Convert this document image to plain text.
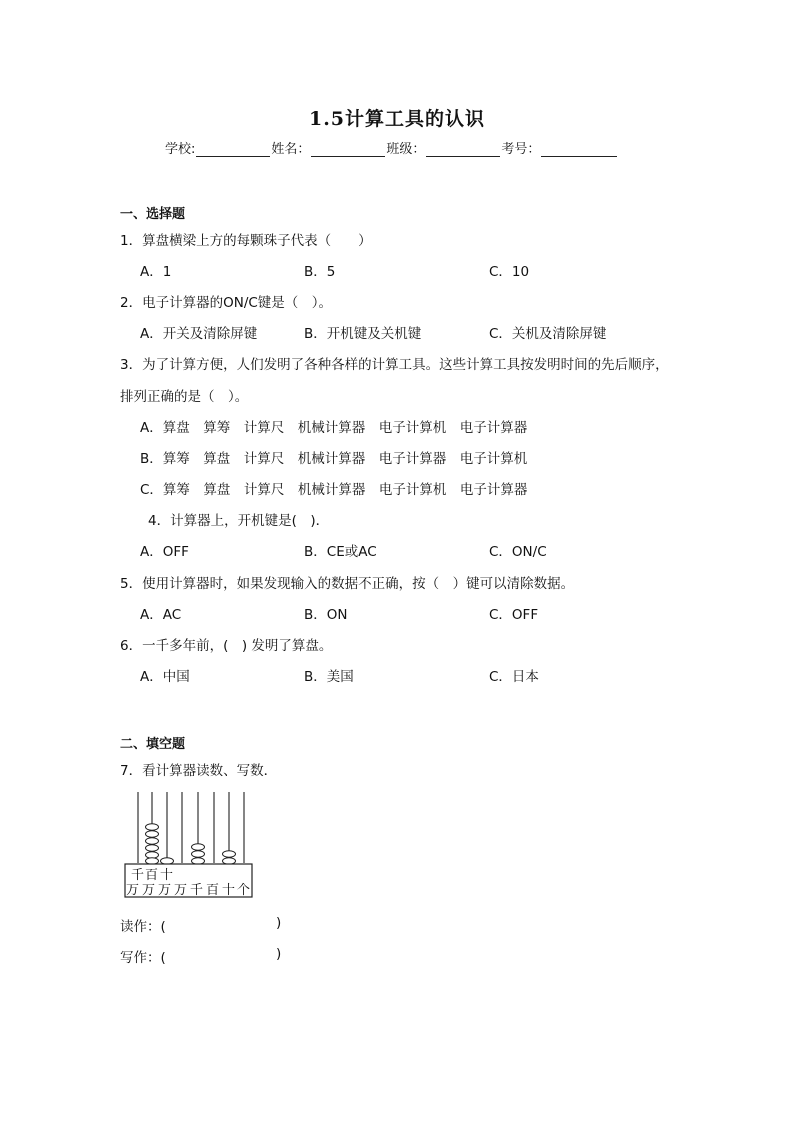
1.5计算工具的认识
学校:	姓名：	班级：	考号：
一、选择题
1．算盘横梁上方的每颗珠子代表（　　）
A．1	B．5	C．10
2．电子计算器的ON/C键是（　）。
A．开关及清除屏键	B．开机键及关机键	C．关机及清除屏键
3．为了计算方便，人们发明了各种各样的计算工具。这些计算工具按发明时间的先后顺序，
排列正确的是（　）。
A．算盘　算筹　计算尺　机械计算器　电子计算机　电子计算器
B．算筹　算盘　计算尺　机械计算器　电子计算器　电子计算机
C．算筹　算盘　计算尺　机械计算器　电子计算机　电子计算器
4．计算器上，开机键是(　)．
A．OFF	B．CE或AC	C．ON/C
5．使用计算器时，如果发现输入的数据不正确，按（　）键可以清除数据。
A．AC	B．ON	C．OFF
6．一千多年前，(　) 发明了算盘。
A．中国	B．美国	C．日本
二、填空题
7．看计算器读数、写数．
千 百 十
万 万 万 万 千 百 十 个
读作：(	)
写作：(	)
